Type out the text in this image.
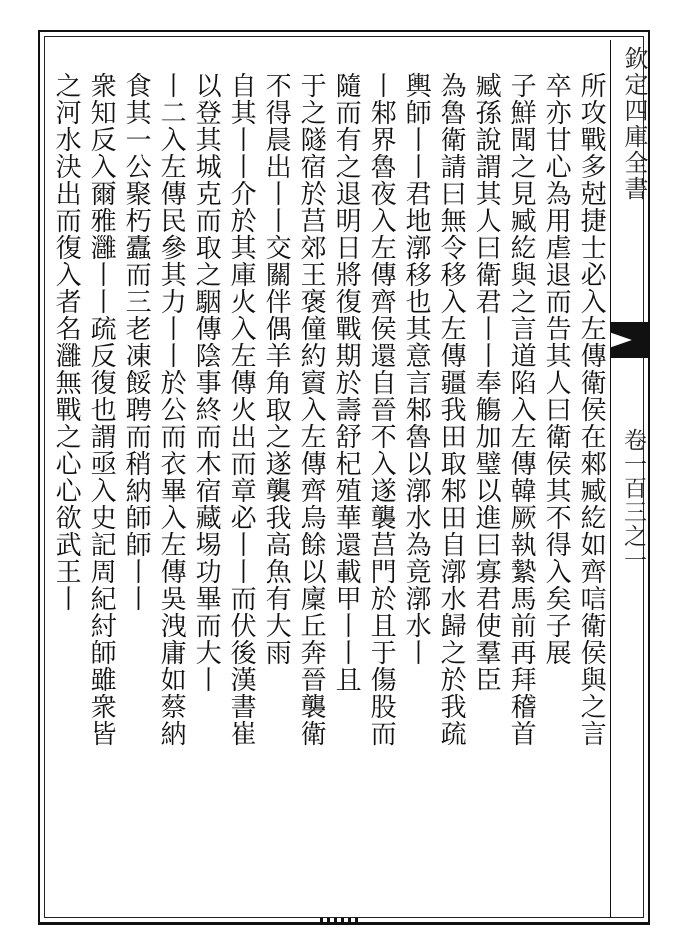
欽定四庫全書
卷一百三之一
所攻戰多尅捷士必入左傳衛侯在郲臧紇如齊唁衛侯與之言
卒亦甘心為用虐退而告其人曰衛侯其不得入矣子展
子鮮聞之見臧紇與之言道陷入左傳韓厥執縶馬前再拜稽首
臧孫說謂其人曰衛君丨丨奉觴加璧以進曰寡君使羣臣
為魯衛請曰無令移入左傳疆我田取邾田自漷水歸之於我疏
輿師丨丨君地漷移也其意言邾魯以漷水為竟漷水丨
丨邾界魯夜入左傳齊侯還自晉不入遂襲莒門於且于傷股而
隨而有之退明日將復戰期於壽舒杞殖華還載甲丨丨且
于之隧宿於莒郊王褒僮約賨入左傳齊烏餘以廩丘奔晉襲衛
不得晨出丨丨交關伴偶羊角取之遂襲我高魚有大雨
自其丨丨介於其庫火入左傳火出而章必丨丨而伏後漢書崔
以登其城克而取之駰傳陰事終而木宿藏埸功畢而大丨
丨二入左傳民參其力丨丨於公而衣畢入左傳吳洩庸如蔡納
食其一公聚朽蠹而三老凍餒聘而稍納師師丨丨
衆知反入爾雅灉丨丨疏反復也謂亟入史記周紀紂師雖衆皆
之河水決出而復入者名灉無戰之心心欲武王丨
